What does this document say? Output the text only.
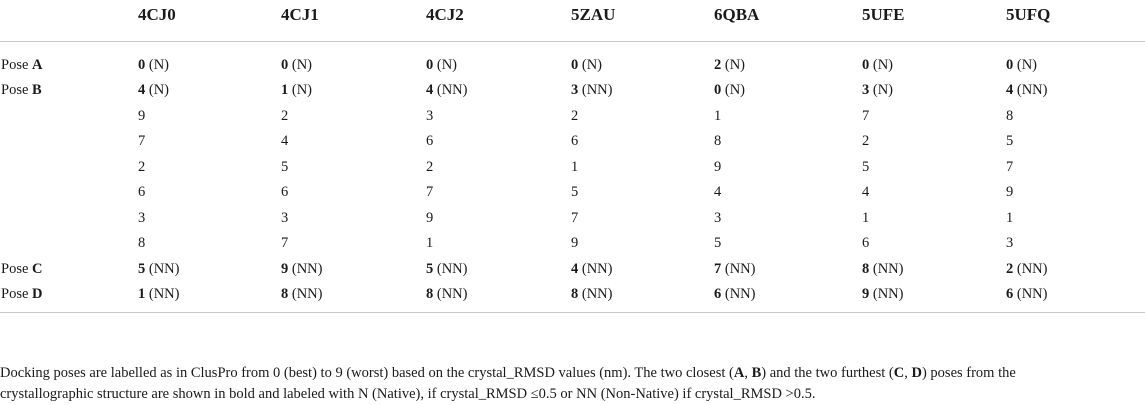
	4CJ0	4CJ1	4CJ2	5ZAU	6QBA	5UFE	5UFQ
Pose A	0 (N)	0 (N)	0 (N)	0 (N)	2 (N)	0 (N)	0 (N)
Pose B	4 (N)	1 (N)	4 (NN)	3 (NN)	0 (N)	3 (N)	4 (NN)
	9	2	3	2	1	7	8
	7	4	6	6	8	2	5
	2	5	2	1	9	5	7
	6	6	7	5	4	4	9
	3	3	9	7	3	1	1
	8	7	1	9	5	6	3
Pose C	5 (NN)	9 (NN)	5 (NN)	4 (NN)	7 (NN)	8 (NN)	2 (NN)
Pose D	1 (NN)	8 (NN)	8 (NN)	8 (NN)	6 (NN)	9 (NN)	6 (NN)
Docking poses are labelled as in ClusPro from 0 (best) to 9 (worst) based on the crystal_RMSD values (nm). The two closest (A, B) and the two furthest (C, D) poses from the
crystallographic structure are shown in bold and labeled with N (Native), if crystal_RMSD ≤0.5 or NN (Non-Native) if crystal_RMSD >0.5.
